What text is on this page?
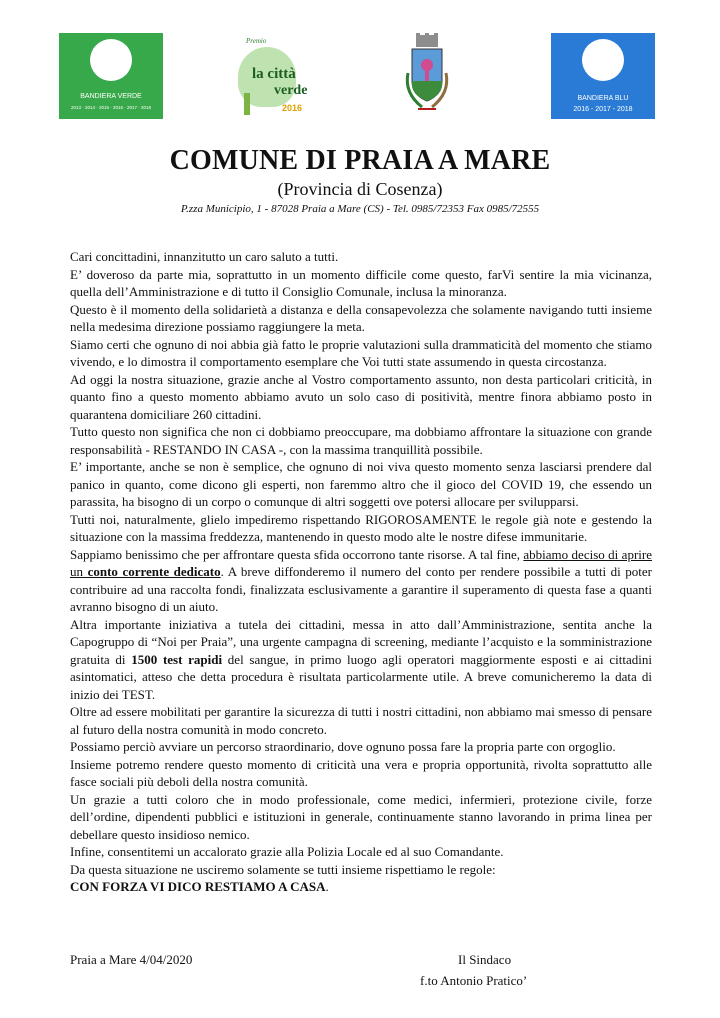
BANDIERA VERDE
2013 · 2014 · 2015 · 2016 · 2017 · 2018
Premio
la città
verde
2016
BANDIERA BLU
2016 - 2017 - 2018
COMUNE DI PRAIA A MARE
(Provincia di Cosenza)
P.zza Municipio, 1 - 87028 Praia a Mare (CS) - Tel. 0985/72353 Fax 0985/72555

Cari concittadini, innanzitutto un caro saluto a tutti.

E’ doveroso da parte mia, soprattutto in un momento difficile come questo, farVi sentire la mia vicinanza, quella dell’Amministrazione e di tutto il Consiglio Comunale, inclusa la minoranza.

Questo è il momento della solidarietà a distanza e della consapevolezza che solamente navigando tutti insieme nella medesima direzione possiamo raggiungere la meta.

Siamo certi che ognuno di noi abbia già fatto le proprie valutazioni sulla drammaticità del momento che stiamo vivendo, e lo dimostra il comportamento esemplare che Voi tutti state assumendo in questa circostanza.

Ad oggi la nostra situazione, grazie anche al Vostro comportamento assunto, non desta particolari criticità, in quanto fino a questo momento abbiamo avuto un solo caso di positività, mentre finora abbiamo posto in quarantena domiciliare 260 cittadini.

Tutto questo non significa che non ci dobbiamo preoccupare, ma dobbiamo affrontare la situazione con grande responsabilità - RESTANDO IN CASA -, con la massima tranquillità possibile.

E’ importante, anche se non è semplice, che ognuno di noi viva questo momento senza lasciarsi prendere dal panico in quanto, come dicono gli esperti, non faremmo altro che il gioco del COVID 19, che essendo un parassita, ha bisogno di un corpo o comunque di altri soggetti ove potersi allocare per svilupparsi.

Tutti noi, naturalmente, glielo impediremo rispettando RIGOROSAMENTE le regole già note e gestendo la situazione con la massima freddezza, mantenendo in questo modo alte le nostre difese immunitarie.

Sappiamo benissimo che per affrontare questa sfida occorrono tante risorse. A tal fine, abbiamo deciso di aprire un conto corrente dedicato. A breve diffonderemo il numero del conto per rendere possibile a tutti di poter contribuire ad una raccolta fondi, finalizzata esclusivamente a garantire il superamento di questa fase a quanti avranno bisogno di un aiuto.

Altra importante iniziativa a tutela dei cittadini, messa in atto dall’Amministrazione, sentita anche la Capogruppo di “Noi per Praia”, una urgente campagna di screening, mediante l’acquisto e la somministrazione gratuita di 1500 test rapidi del sangue, in primo luogo agli operatori maggiormente esposti e ai cittadini asintomatici, atteso che detta procedura è risultata particolarmente utile. A breve comunicheremo la data di inizio dei TEST.

Oltre ad essere mobilitati per garantire la sicurezza di tutti i nostri cittadini, non abbiamo mai smesso di pensare al futuro della nostra comunità in modo concreto.

Possiamo perciò avviare un percorso straordinario, dove ognuno possa fare la propria parte con orgoglio.

Insieme potremo rendere questo momento di criticità una vera e propria opportunità, rivolta soprattutto alle fasce sociali più deboli della nostra comunità.

Un grazie a tutti coloro che in modo professionale, come medici, infermieri, protezione civile, forze dell’ordine, dipendenti pubblici e istituzioni in generale, continuamente stanno lavorando in prima linea per debellare questo insidioso nemico.

Infine, consentitemi un accalorato grazie alla Polizia Locale ed al suo Comandante.

Da questa situazione ne usciremo solamente se tutti insieme rispettiamo le regole:

CON FORZA VI DICO RESTIAMO A CASA.

Praia a Mare 4/04/2020	Il Sindaco
f.to Antonio Pratico’
